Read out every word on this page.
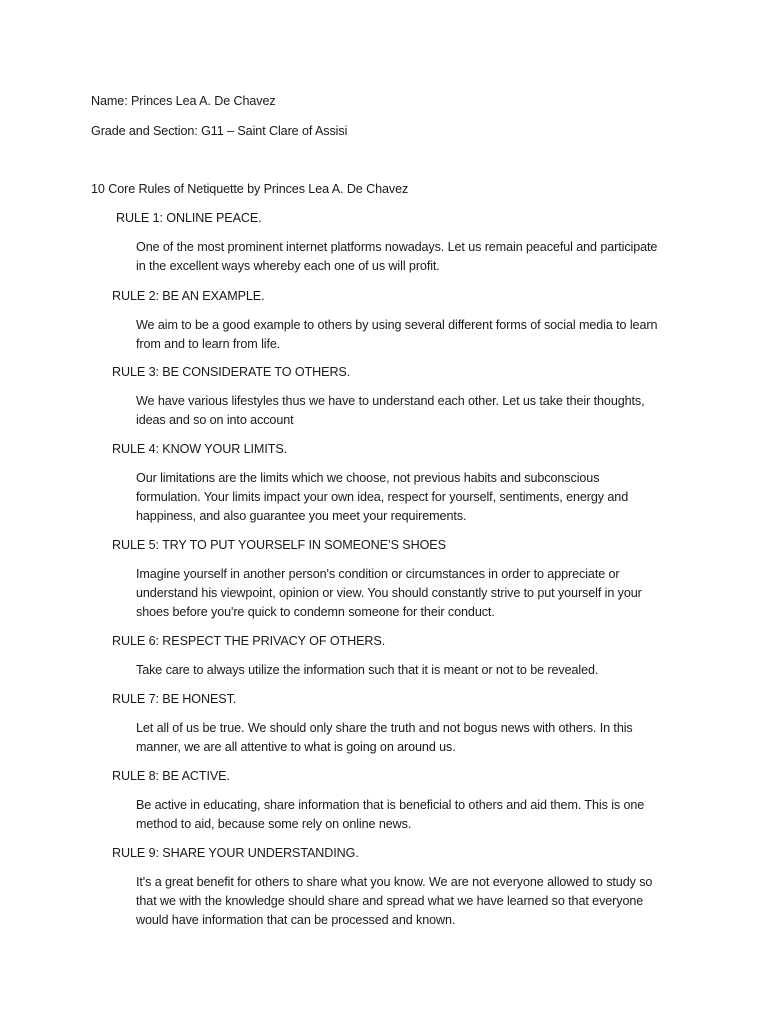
Name: Princes Lea A. De Chavez
Grade and Section: G11 – Saint Clare of Assisi
10 Core Rules of Netiquette by Princes Lea A. De Chavez
RULE 1: ONLINE PEACE.
One of the most prominent internet platforms nowadays. Let us remain peaceful and participate
in the excellent ways whereby each one of us will profit.
RULE 2: BE AN EXAMPLE.
We aim to be a good example to others by using several different forms of social media to learn
from and to learn from life.
RULE 3: BE CONSIDERATE TO OTHERS.
We have various lifestyles thus we have to understand each other. Let us take their thoughts,
ideas and so on into account
RULE 4: KNOW YOUR LIMITS.
Our limitations are the limits which we choose, not previous habits and subconscious
formulation. Your limits impact your own idea, respect for yourself, sentiments, energy and
happiness, and also guarantee you meet your requirements.
RULE 5: TRY TO PUT YOURSELF IN SOMEONE’S SHOES
Imagine yourself in another person's condition or circumstances in order to appreciate or
understand his viewpoint, opinion or view. You should constantly strive to put yourself in your
shoes before you're quick to condemn someone for their conduct.
RULE 6: RESPECT THE PRIVACY OF OTHERS.
Take care to always utilize the information such that it is meant or not to be revealed.
RULE 7: BE HONEST.
Let all of us be true. We should only share the truth and not bogus news with others. In this
manner, we are all attentive to what is going on around us.
RULE 8: BE ACTIVE.
Be active in educating, share information that is beneficial to others and aid them. This is one
method to aid, because some rely on online news.
RULE 9: SHARE YOUR UNDERSTANDING.
It's a great benefit for others to share what you know. We are not everyone allowed to study so
that we with the knowledge should share and spread what we have learned so that everyone
would have information that can be processed and known.
